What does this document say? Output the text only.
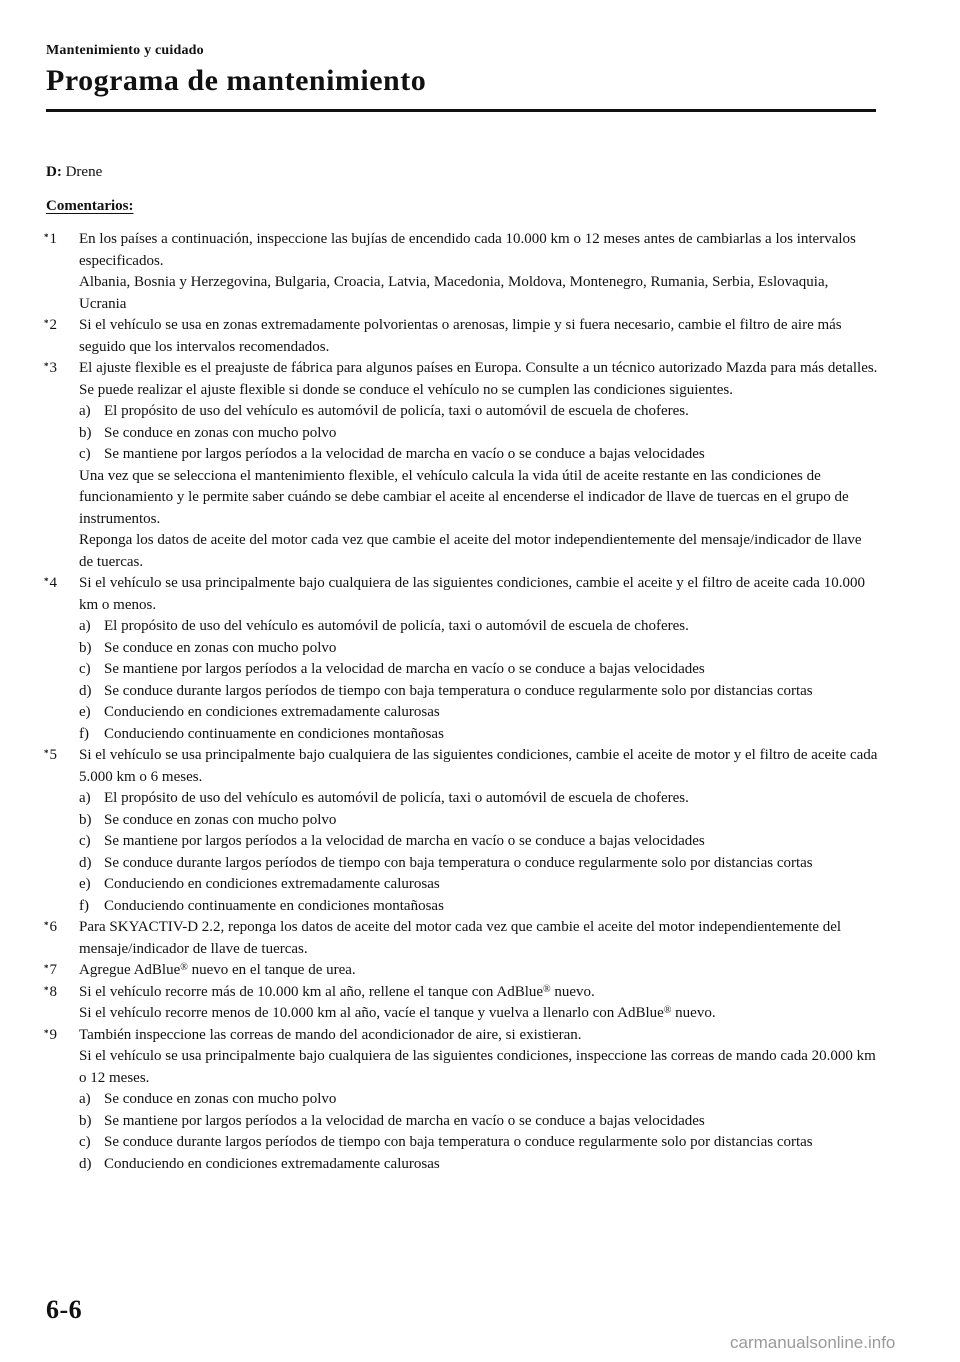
Mantenimiento y cuidado
Programa de mantenimiento
D: Drene
Comentarios:
*1	En los países a continuación, inspeccione las bujías de encendido cada 10.000 km o 12 meses antes de cambiarlas a los intervalos especificados.
Albania, Bosnia y Herzegovina, Bulgaria, Croacia, Latvia, Macedonia, Moldova, Montenegro, Rumania, Serbia, Eslovaquia, Ucrania
*2	Si el vehículo se usa en zonas extremadamente polvorientas o arenosas, limpie y si fuera necesario, cambie el filtro de aire más seguido que los intervalos recomendados.
*3	El ajuste flexible es el preajuste de fábrica para algunos países en Europa. Consulte a un técnico autorizado Mazda para más detalles. Se puede realizar el ajuste flexible si donde se conduce el vehículo no se cumplen las condiciones siguientes.
a) El propósito de uso del vehículo es automóvil de policía, taxi o automóvil de escuela de choferes.
b) Se conduce en zonas con mucho polvo
c) Se mantiene por largos períodos a la velocidad de marcha en vacío o se conduce a bajas velocidades
Una vez que se selecciona el mantenimiento flexible, el vehículo calcula la vida útil de aceite restante en las condiciones de funcionamiento y le permite saber cuándo se debe cambiar el aceite al encenderse el indicador de llave de tuercas en el grupo de instrumentos.
Reponga los datos de aceite del motor cada vez que cambie el aceite del motor independientemente del mensaje/indicador de llave de tuercas.
*4	Si el vehículo se usa principalmente bajo cualquiera de las siguientes condiciones, cambie el aceite y el filtro de aceite cada 10.000 km o menos.
a) El propósito de uso del vehículo es automóvil de policía, taxi o automóvil de escuela de choferes.
b) Se conduce en zonas con mucho polvo
c) Se mantiene por largos períodos a la velocidad de marcha en vacío o se conduce a bajas velocidades
d) Se conduce durante largos períodos de tiempo con baja temperatura o conduce regularmente solo por distancias cortas
e) Conduciendo en condiciones extremadamente calurosas
f) Conduciendo continuamente en condiciones montañosas
*5	Si el vehículo se usa principalmente bajo cualquiera de las siguientes condiciones, cambie el aceite de motor y el filtro de aceite cada 5.000 km o 6 meses.
a) El propósito de uso del vehículo es automóvil de policía, taxi o automóvil de escuela de choferes.
b) Se conduce en zonas con mucho polvo
c) Se mantiene por largos períodos a la velocidad de marcha en vacío o se conduce a bajas velocidades
d) Se conduce durante largos períodos de tiempo con baja temperatura o conduce regularmente solo por distancias cortas
e) Conduciendo en condiciones extremadamente calurosas
f) Conduciendo continuamente en condiciones montañosas
*6	Para SKYACTIV-D 2.2, reponga los datos de aceite del motor cada vez que cambie el aceite del motor independientemente del mensaje/indicador de llave de tuercas.
*7	Agregue AdBlue® nuevo en el tanque de urea.
*8	Si el vehículo recorre más de 10.000 km al año, rellene el tanque con AdBlue® nuevo.
Si el vehículo recorre menos de 10.000 km al año, vacíe el tanque y vuelva a llenarlo con AdBlue® nuevo.
*9	También inspeccione las correas de mando del acondicionador de aire, si existieran.
Si el vehículo se usa principalmente bajo cualquiera de las siguientes condiciones, inspeccione las correas de mando cada 20.000 km o 12 meses.
a) Se conduce en zonas con mucho polvo
b) Se mantiene por largos períodos a la velocidad de marcha en vacío o se conduce a bajas velocidades
c) Se conduce durante largos períodos de tiempo con baja temperatura o conduce regularmente solo por distancias cortas
d) Conduciendo en condiciones extremadamente calurosas
6-6
carmanualsonline.info
